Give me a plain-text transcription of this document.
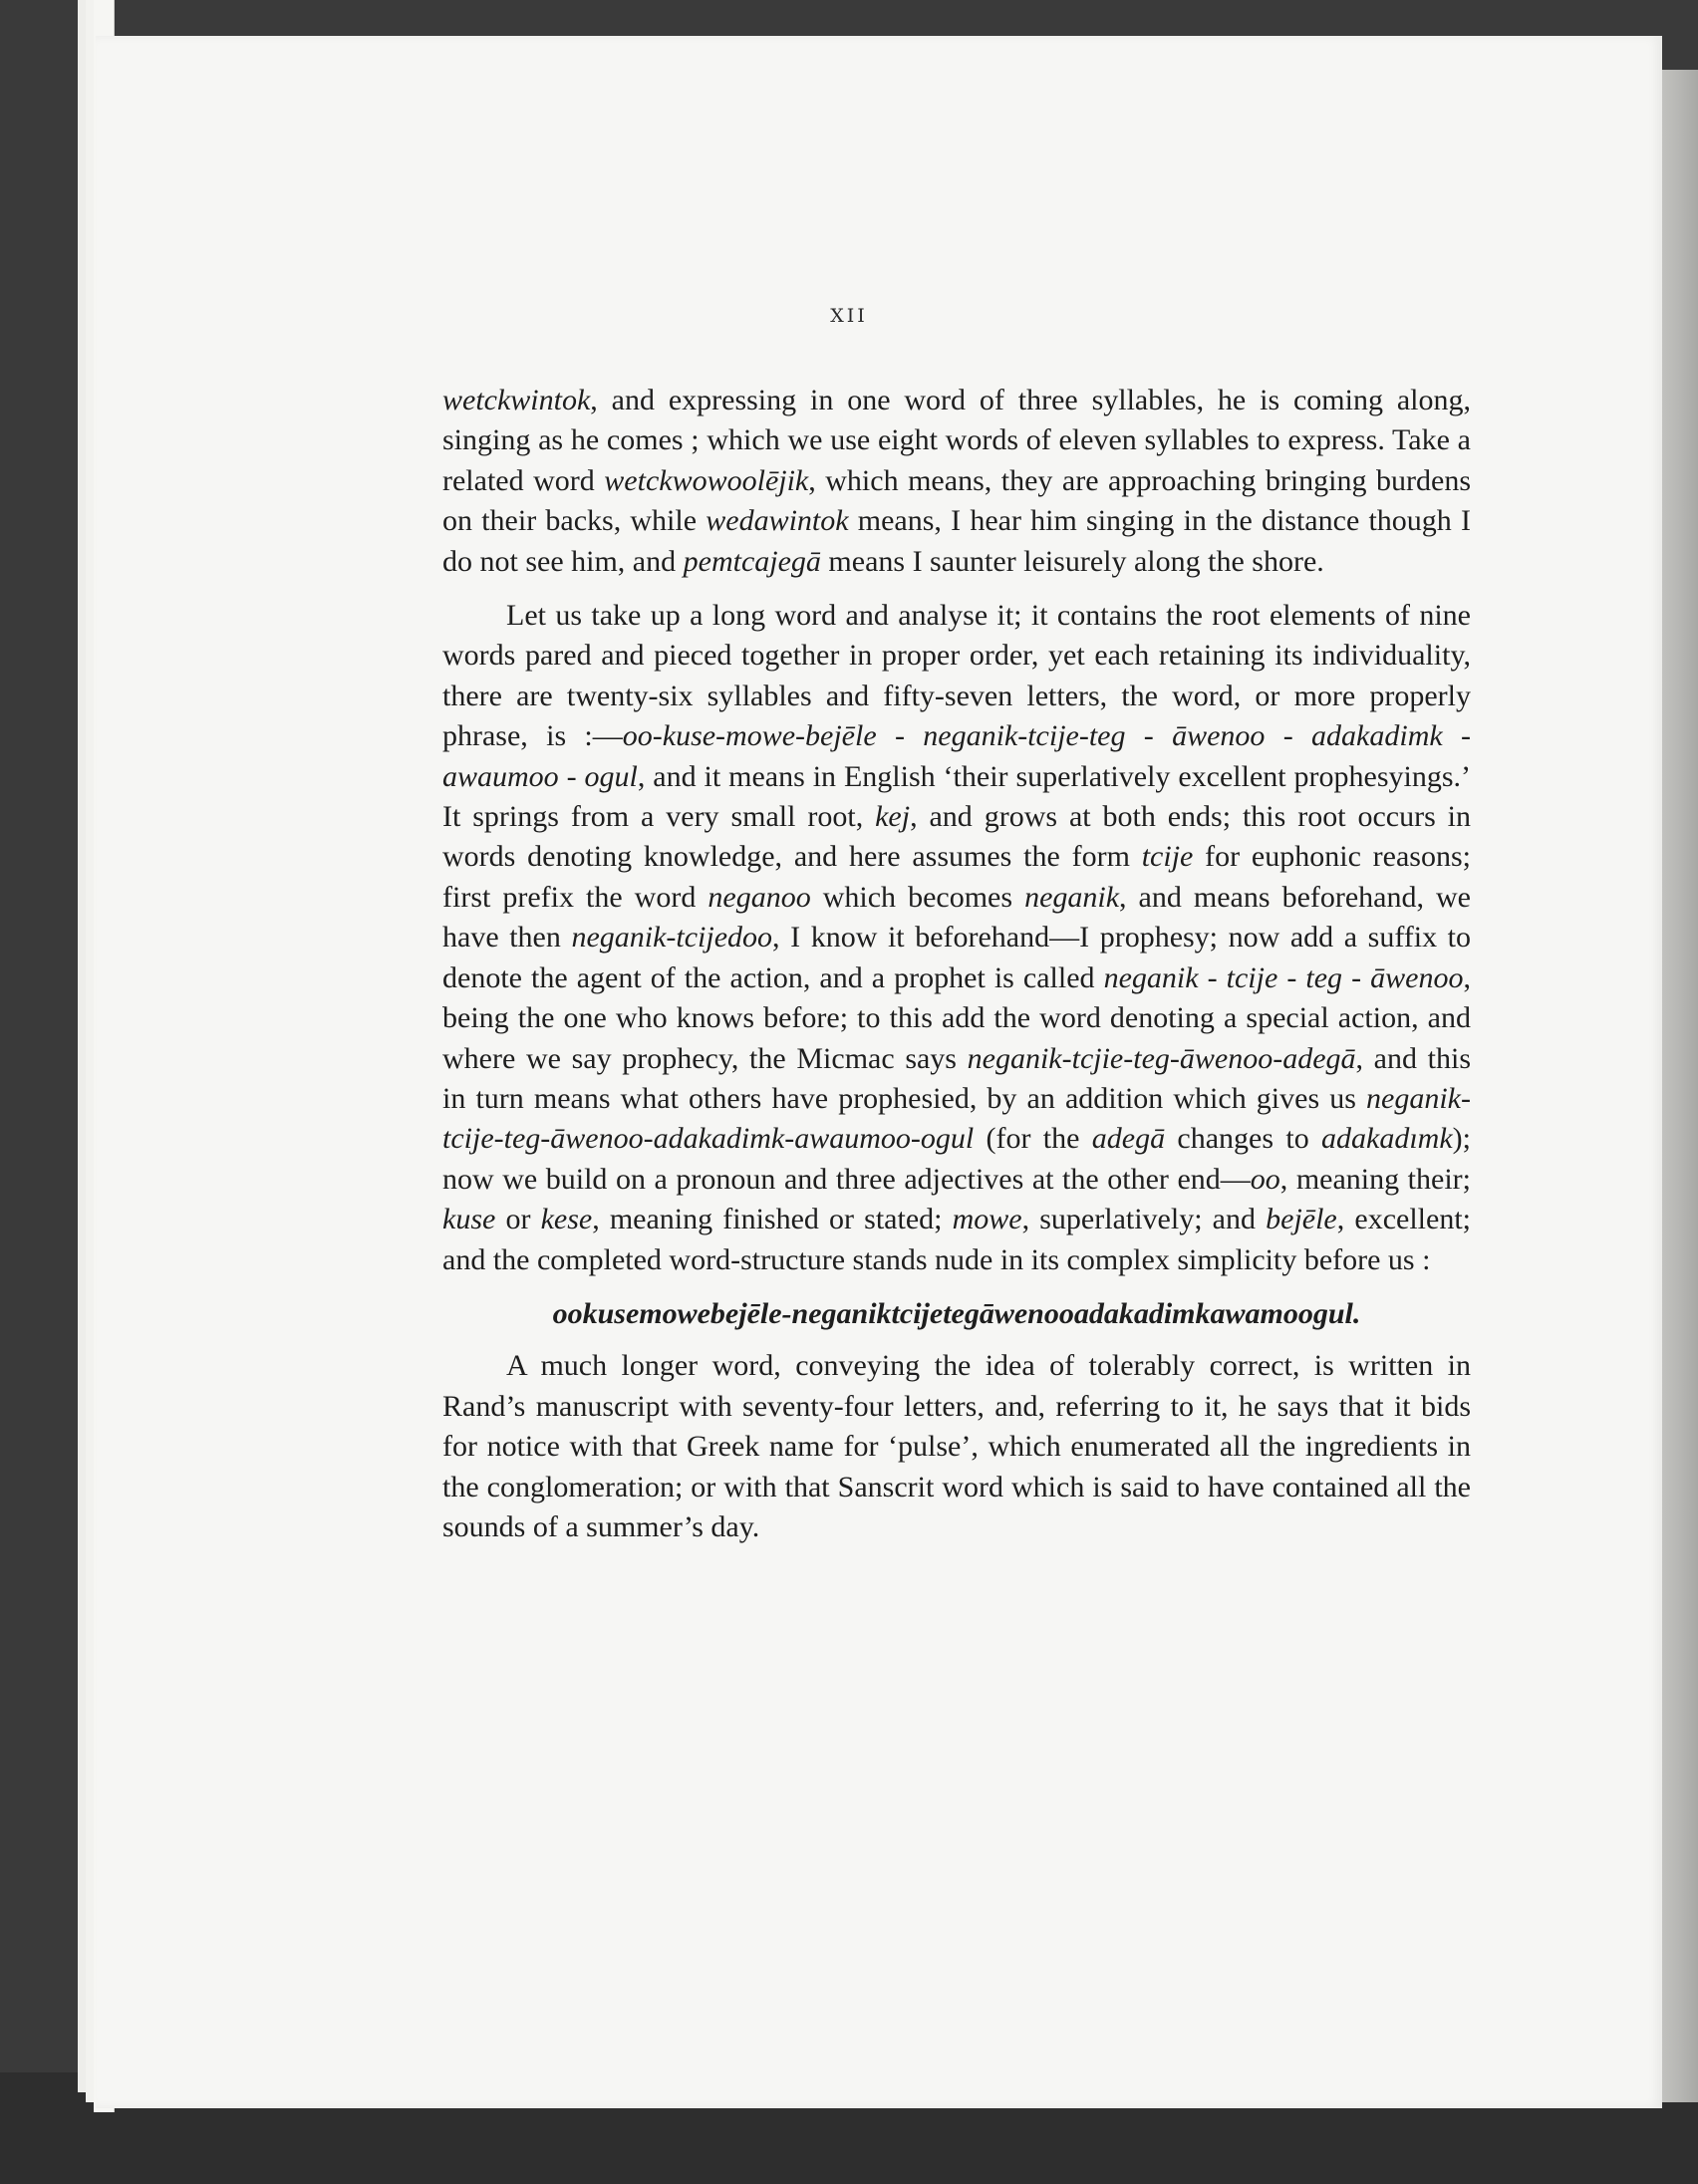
XII

wetckwintok, and expressing in one word of three syllables, he is coming along, singing as he comes ; which we use eight words of eleven syllables to express. Take a related word wetckwowoolējik, which means, they are approaching bringing burdens on their backs, while wedawintok means, I hear him singing in the distance though I do not see him, and pemtcajegā means I saunter leisurely along the shore.

Let us take up a long word and analyse it; it contains the root elements of nine words pared and pieced together in proper order, yet each retaining its individuality, there are twenty-six syllables and fifty-seven letters, the word, or more properly phrase, is :—oo-kuse-mowe-bejēle - neganik-tcije-teg - āwenoo - adakadimk - awaumoo - ogul, and it means in English ‘their superlatively excellent prophesyings.’ It springs from a very small root, kej, and grows at both ends; this root occurs in words denoting knowledge, and here assumes the form tcije for euphonic reasons; first prefix the word neganoo which becomes neganik, and means beforehand, we have then neganik-tcijedoo, I know it beforehand—I prophesy; now add a suffix to denote the agent of the action, and a prophet is called neganik - tcije - teg - āwenoo, being the one who knows before; to this add the word denoting a special action, and where we say prophecy, the Micmac says neganik-tcjie-teg-āwenoo-adegā, and this in turn means what others have prophesied, by an addition which gives us neganik-tcije-teg-āwenoo-adakadimk-awaumoo-ogul (for the adegā changes to adakadımk); now we build on a pronoun and three adjectives at the other end—oo, meaning their; kuse or kese, meaning finished or stated; mowe, superlatively; and bejēle, excellent; and the completed word-structure stands nude in its complex simplicity before us :

ookusemowebejēle-neganiktcijetegāwenooadakadimkawamoogul.

A much longer word, conveying the idea of tolerably correct, is written in Rand’s manuscript with seventy-four letters, and, referring to it, he says that it bids for notice with that Greek name for ‘pulse’, which enumerated all the ingredients in the conglomeration; or with that Sanscrit word which is said to have contained all the sounds of a summer’s day.
